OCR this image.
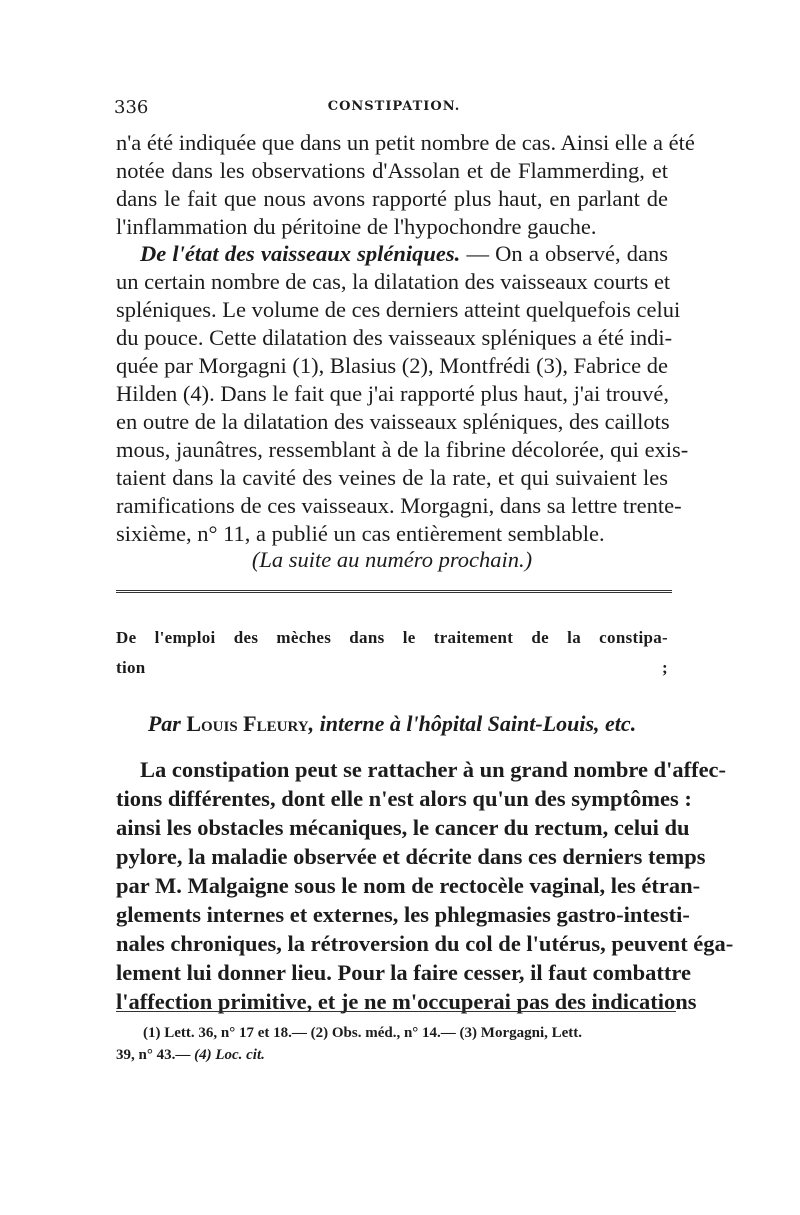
336	CONSTIPATION.
n'a été indiquée que dans un petit nombre de cas. Ainsi elle a été
notée dans les observations d'Assolan et de Flammerding, et
dans le fait que nous avons rapporté plus haut, en parlant de
l'inflammation du péritoine de l'hypochondre gauche.
De l'état des vaisseaux spléniques. — On a observé, dans
un certain nombre de cas, la dilatation des vaisseaux courts et
spléniques. Le volume de ces derniers atteint quelquefois celui
du pouce. Cette dilatation des vaisseaux spléniques a été indi-
quée par Morgagni (1), Blasius (2), Montfrédi (3), Fabrice de
Hilden (4). Dans le fait que j'ai rapporté plus haut, j'ai trouvé,
en outre de la dilatation des vaisseaux spléniques, des caillots
mous, jaunâtres, ressemblant à de la fibrine décolorée, qui exis-
taient dans la cavité des veines de la rate, et qui suivaient les
ramifications de ces vaisseaux. Morgagni, dans sa lettre trente-
sixième, n° 11, a publié un cas entièrement semblable.
(La suite au numéro prochain.)
De l'emploi des mèches dans le traitement de la constipa-
tion ;
Par Louis Fleury, interne à l'hôpital Saint-Louis, etc.
La constipation peut se rattacher à un grand nombre d'affec-
tions différentes, dont elle n'est alors qu'un des symptômes :
ainsi les obstacles mécaniques, le cancer du rectum, celui du
pylore, la maladie observée et décrite dans ces derniers temps
par M. Malgaigne sous le nom de rectocèle vaginal, les étran-
glements internes et externes, les phlegmasies gastro-intesti-
nales chroniques, la rétroversion du col de l'utérus, peuvent éga-
lement lui donner lieu. Pour la faire cesser, il faut combattre
l'affection primitive, et je ne m'occuperai pas des indications
(1) Lett. 36, n° 17 et 18.— (2) Obs. méd., n° 14.— (3) Morgagni, Lett.
39, n° 43.— (4) Loc. cit.
